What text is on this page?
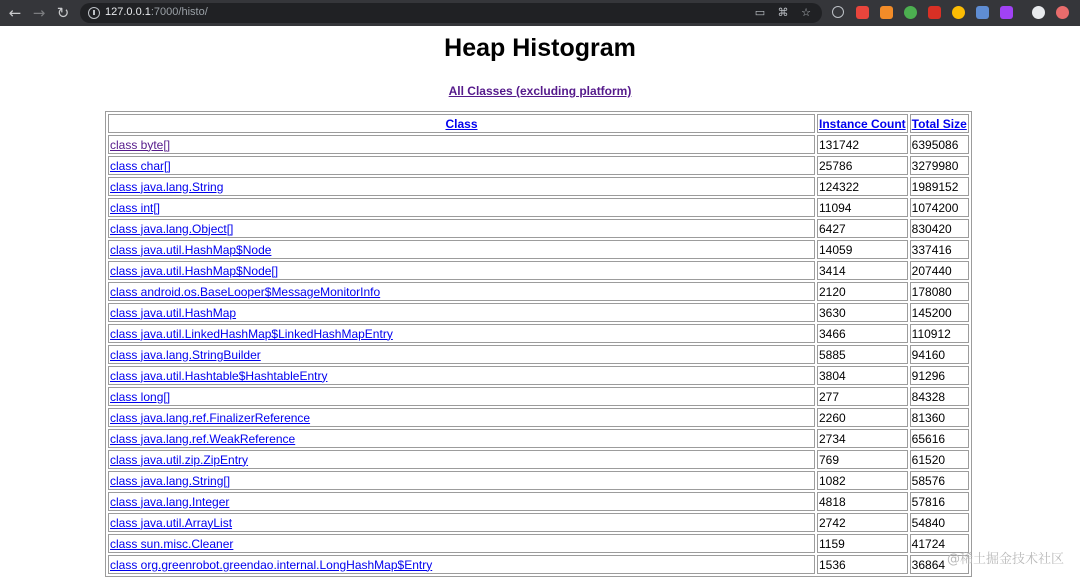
← → ↻	127.0.0.1:7000/histo/	▭ ⌘ ☆
Heap Histogram
All Classes (excluding platform)
Class	Instance Count	Total Size
class byte[]	131742	6395086
class char[]	25786	3279980
class java.lang.String	124322	1989152
class int[]	11094	1074200
class java.lang.Object[]	6427	830420
class java.util.HashMap$Node	14059	337416
class java.util.HashMap$Node[]	3414	207440
class android.os.BaseLooper$MessageMonitorInfo	2120	178080
class java.util.HashMap	3630	145200
class java.util.LinkedHashMap$LinkedHashMapEntry	3466	110912
class java.lang.StringBuilder	5885	94160
class java.util.Hashtable$HashtableEntry	3804	91296
class long[]	277	84328
class java.lang.ref.FinalizerReference	2260	81360
class java.lang.ref.WeakReference	2734	65616
class java.util.zip.ZipEntry	769	61520
class java.lang.String[]	1082	58576
class java.lang.Integer	4818	57816
class java.util.ArrayList	2742	54840
class sun.misc.Cleaner	1159	41724
class org.greenrobot.greendao.internal.LongHashMap$Entry	1536	36864 @稀土掘金技术社区
